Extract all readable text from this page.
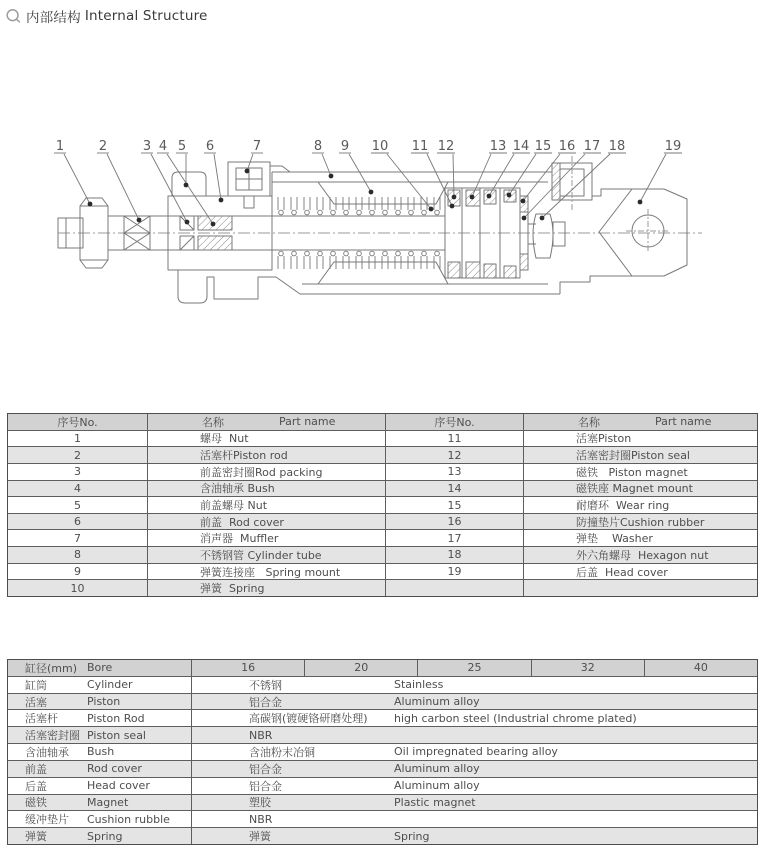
内部结构 Internal Structure
1	2	3 4 5 6	7	8 9 10 11 12	13 14 15 16 17 18	19
序号No.	名称	Part name
1	螺母  Nut
2	活塞杆Piston rod
3	前盖密封圈Rod packing
4	含油轴承 Bush
5	前盖螺母 Nut
6	前盖  Rod cover
7	消声器  Muffler
8	不锈钢管 Cylinder tube
9	弹簧连接座   Spring mount
10	弹簧  Spring
序号No.	名称	Part name
11	活塞Piston
12	活塞密封圈Piston seal
13	磁铁   Piston magnet
14	磁铁座 Magnet mount
15	耐磨环  Wear ring
16	防撞垫片Cushion rubber
17	弹垫    Washer
18	外六角螺母  Hexagon nut
19	后盖  Head cover
缸径(mm) Bore	16	20	25	32	40
缸筒	Cylinder	不锈钢	Stainless
活塞	Piston	铝合金	Aluminum alloy
活塞杆	Piston Rod	高碳钢(镀硬铬研磨处理)	high carbon steel (Industrial chrome plated)
活塞密封圈 Piston seal	NBR
含油轴承	Bush	含油粉末冶铜	Oil impregnated bearing alloy
前盖	Rod cover	铝合金	Aluminum alloy
后盖	Head cover	铝合金	Aluminum alloy
磁铁	Magnet	塑胶	Plastic magnet
缓冲垫片	Cushion rubble	NBR
弹簧	Spring	弹簧	Spring
